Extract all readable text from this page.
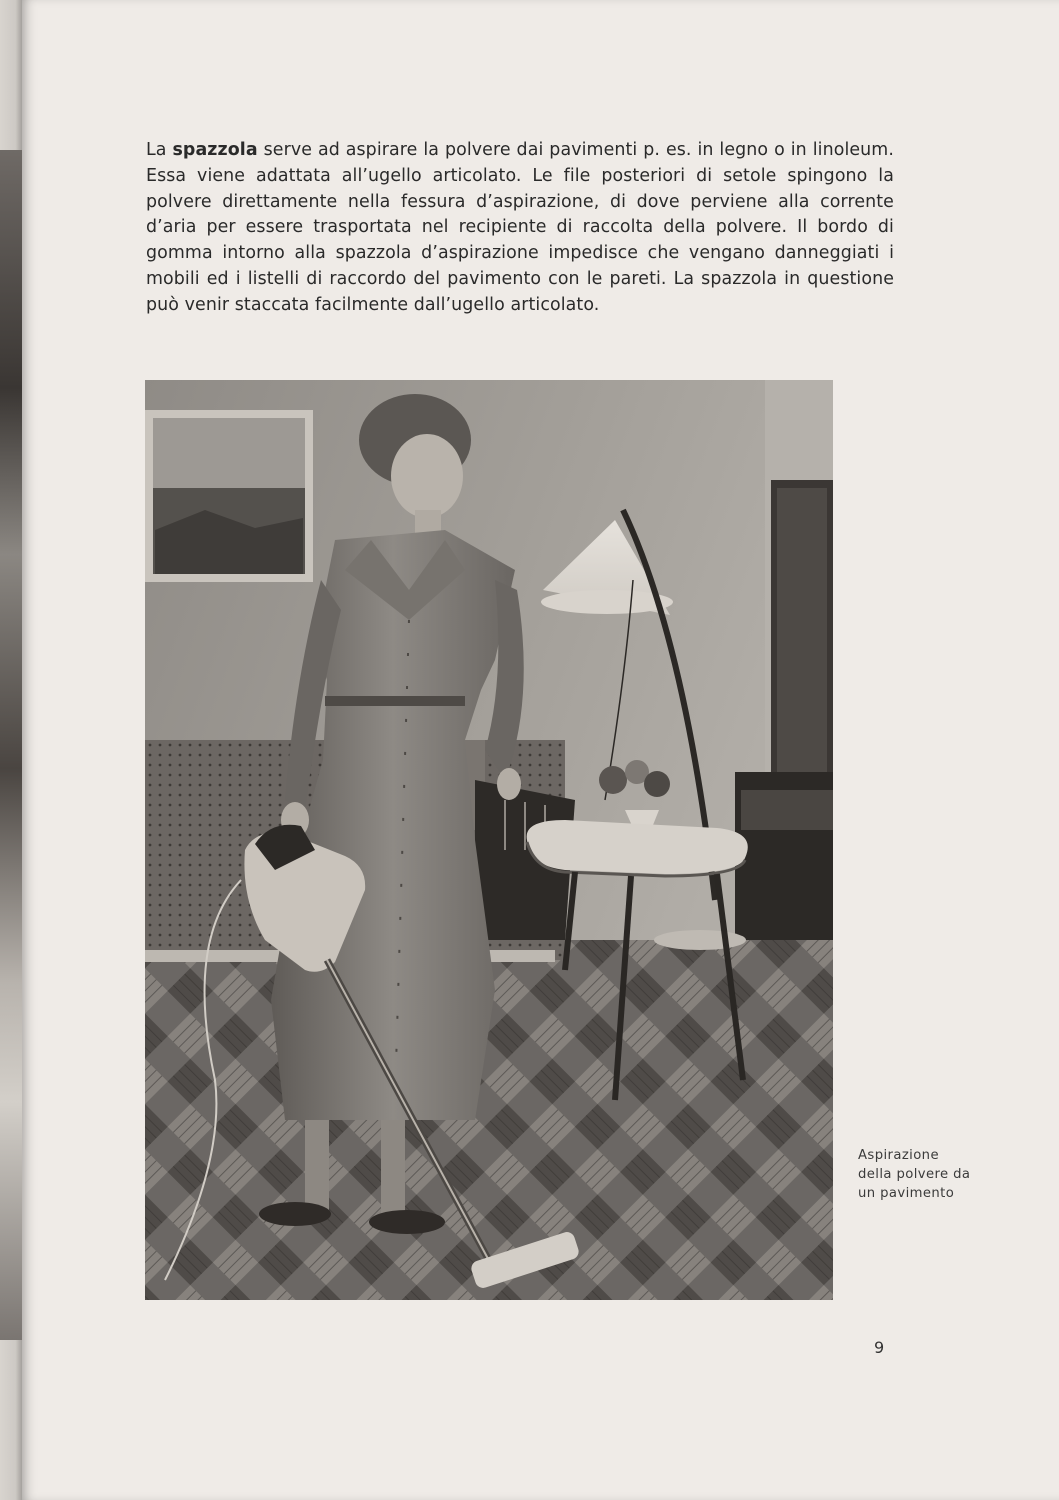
La spazzola serve ad aspirare la polvere dai pavimenti p. es. in legno o in linoleum. Essa viene adattata all’ugello articolato. Le file posteriori di setole spingono la polvere direttamente nella fessura d’aspirazione, di dove perviene alla corrente d’aria per essere trasportata nel recipiente di raccolta della polvere. Il bordo di gomma intorno alla spazzola d’aspirazione impedisce che vengano danneggiati i mobili ed i listelli di raccordo del pavimento con le pareti. La spazzola in questione può venir staccata facilmente dall’ugello articolato.

Aspirazione
della polvere da
un pavimento
9
